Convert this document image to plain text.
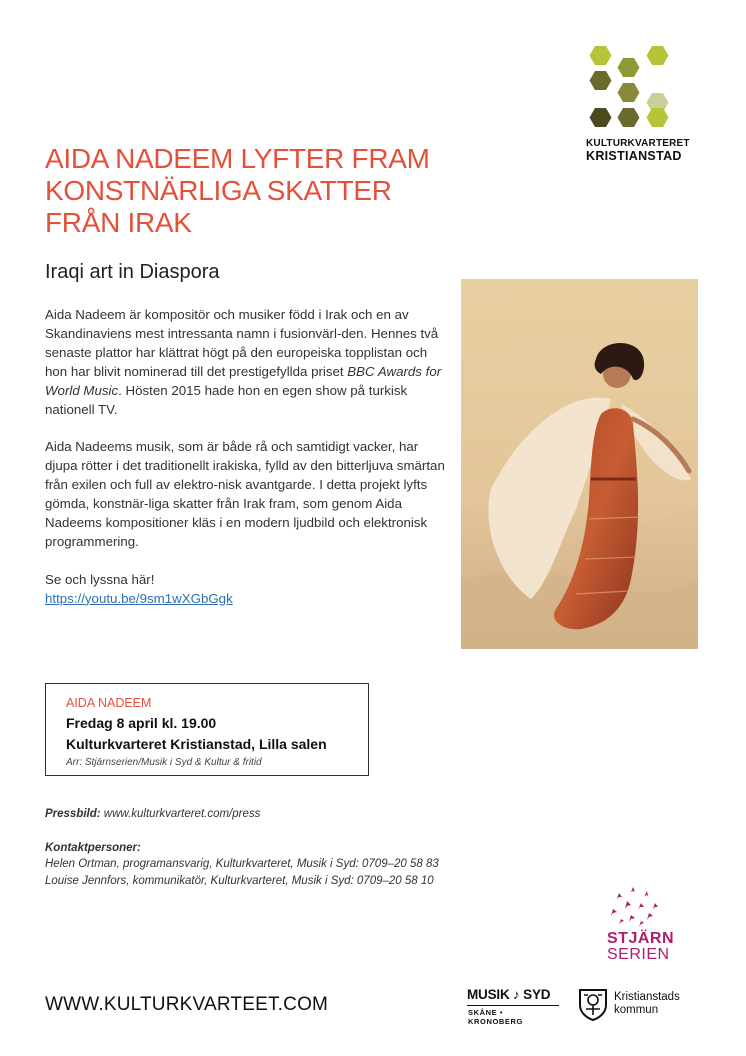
KULTURKVARTERET
KRISTIANSTAD
AIDA NADEEM LYFTER FRAM KONSTNÄRLIGA SKATTER FRÅN IRAK
Iraqi art in Diaspora

Aida Nadeem är kompositör och musiker född i Irak och en av Skandinaviens mest intressanta namn i fusionvärl-den. Hennes två senaste plattor har klättrat högt på den europeiska topplistan och hon har blivit nominerad till det prestigefyllda priset BBC Awards for World Music. Hösten 2015 hade hon en egen show på turkisk nationell TV.

Aida Nadeems musik, som är både rå och samtidigt vacker, har djupa rötter i det traditionellt irakiska, fylld av den bitterljuva smärtan från exilen och full av elektro-nisk avantgarde. I detta projekt lyfts gömda, konstnär-liga skatter från Irak fram, som genom Aida Nadeems kompositioner kläs i en modern ljudbild och elektronisk programmering.

Se och lyssna här!
https://youtu.be/9sm1wXGbGgk

AIDA NADEEM
Fredag 8 april kl. 19.00
Kulturkvarteret Kristianstad, Lilla salen
Arr: Stjärnserien/Musik i Syd & Kultur & fritid
Pressbild: www.kulturkvarteret.com/press
Kontaktpersoner:
Helen Ortman, programansvarig, Kulturkvarteret, Musik i Syd: 0709–20 58 83
Louise Jennfors, kommunikatör, Kulturkvarteret, Musik i Syd: 0709–20 58 10
STJÄRN
SERIEN
WWW.KULTURKVARTEET.COM	MUSIK ♪ SYD
SKÅNE • KRONOBERG
Kristianstads
kommun
